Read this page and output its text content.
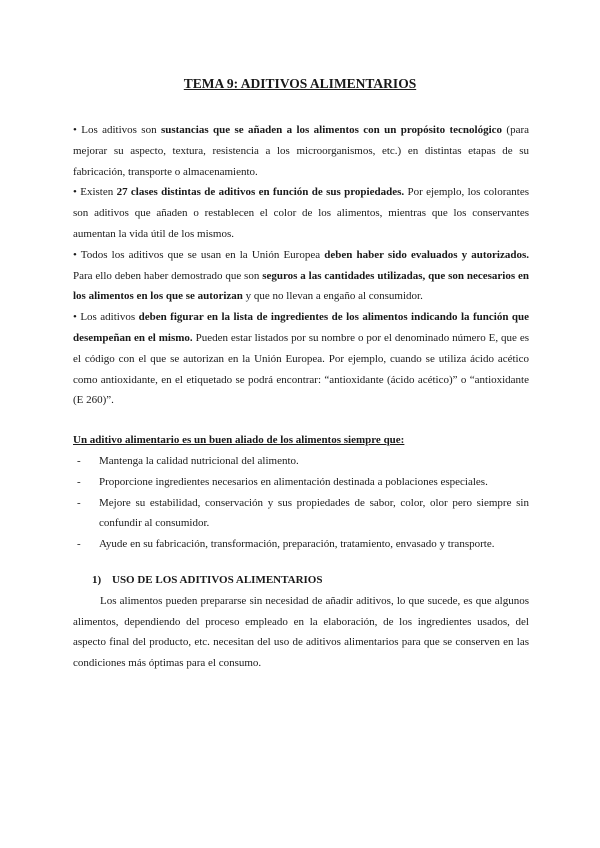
TEMA 9: ADITIVOS ALIMENTARIOS

• Los aditivos son sustancias que se añaden a los alimentos con un propósito tecnológico (para mejorar su aspecto, textura, resistencia a los microorganismos, etc.) en distintas etapas de su fabricación, transporte o almacenamiento.

• Existen 27 clases distintas de aditivos en función de sus propiedades. Por ejemplo, los colorantes son aditivos que añaden o restablecen el color de los alimentos, mientras que los conservantes aumentan la vida útil de los mismos.

• Todos los aditivos que se usan en la Unión Europea deben haber sido evaluados y autorizados. Para ello deben haber demostrado que son seguros a las cantidades utilizadas, que son necesarios en los alimentos en los que se autorizan y que no llevan a engaño al consumidor.

• Los aditivos deben figurar en la lista de ingredientes de los alimentos indicando la función que desempeñan en el mismo. Pueden estar listados por su nombre o por el denominado número E, que es el código con el que se autorizan en la Unión Europea. Por ejemplo, cuando se utiliza ácido acético como antioxidante, en el etiquetado se podrá encontrar: “antioxidante (ácido acético)” o “antioxidante (E 260)”.

Un aditivo alimentario es un buen aliado de los alimentos siempre que:
- Mantenga la calidad nutricional del alimento.
- Proporcione ingredientes necesarios en alimentación destinada a poblaciones especiales.
- Mejore su estabilidad, conservación y sus propiedades de sabor, color, olor pero siempre sin confundir al consumidor.
- Ayude en su fabricación, transformación, preparación, tratamiento, envasado y transporte.
1) USO DE LOS ADITIVOS ALIMENTARIOS

Los alimentos pueden prepararse sin necesidad de añadir aditivos, lo que sucede, es que algunos alimentos, dependiendo del proceso empleado en la elaboración, de los ingredientes usados, del aspecto final del producto, etc. necesitan del uso de aditivos alimentarios para que se conserven en las condiciones más óptimas para el consumo.
